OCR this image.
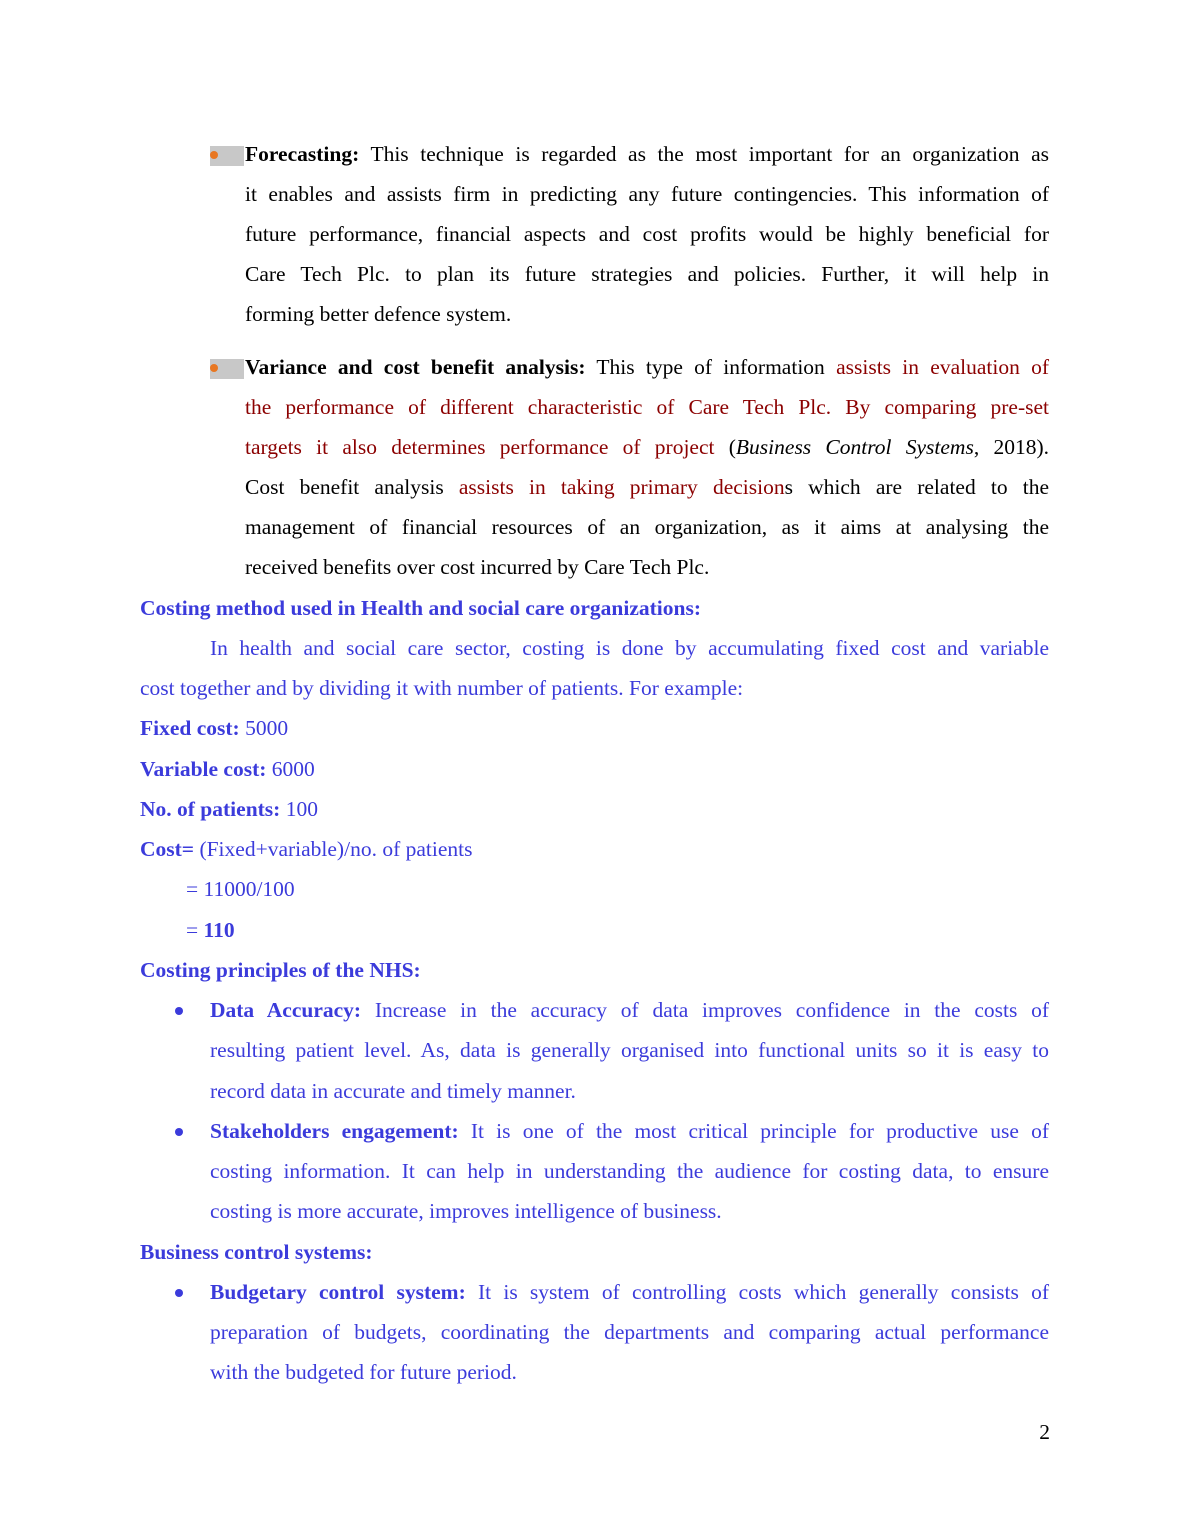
Forecasting: This technique is regarded as the most important for an organization as
it enables and assists firm in predicting any future contingencies. This information of
future performance, financial aspects and cost profits would be highly beneficial for
Care Tech Plc. to plan its future strategies and policies. Further, it will help in
forming better defence system.
Variance and cost benefit analysis: This type of information assists in evaluation of
the performance of different characteristic of Care Tech Plc. By comparing pre-set
targets it also determines performance of project (Business Control Systems, 2018).
Cost benefit analysis assists in taking primary decisions which are related to the
management of financial resources of an organization, as it aims at analysing the
received benefits over cost incurred by Care Tech Plc.
Costing method used in Health and social care organizations:
In health and social care sector, costing is done by accumulating fixed cost and variable
cost together and by dividing it with number of patients. For example:
Fixed cost: 5000
Variable cost: 6000
No. of patients: 100
Cost= (Fixed+variable)/no. of patients
= 11000/100
= 110
Costing principles of the NHS:
Data Accuracy: Increase in the accuracy of data improves confidence in the costs of
resulting patient level. As, data is generally organised into functional units so it is easy to
record data in accurate and timely manner.
Stakeholders engagement: It is one of the most critical principle for productive use of
costing information. It can help in understanding the audience for costing data, to ensure
costing is more accurate, improves intelligence of business.
Business control systems:
Budgetary control system: It is system of controlling costs which generally consists of
preparation of budgets, coordinating the departments and comparing actual performance
with the budgeted for future period.
2
